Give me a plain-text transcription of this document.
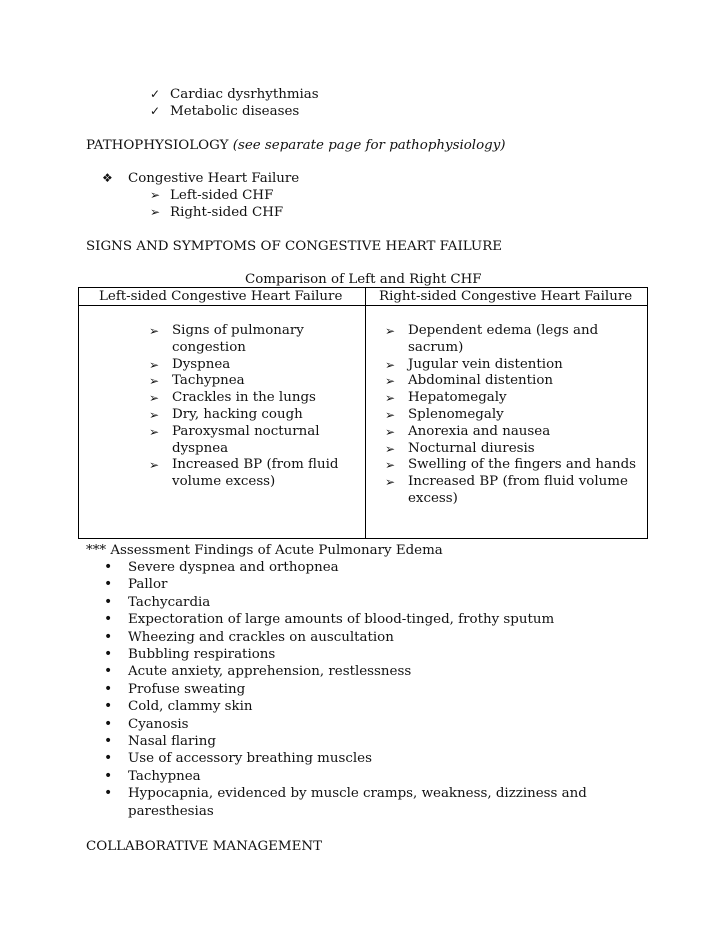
✓ Cardiac dysrhythmias
✓ Metabolic diseases
PATHOPHYSIOLOGY (see separate page for pathophysiology)
❖ Congestive Heart Failure
➢ Left-sided CHF
➢ Right-sided CHF
SIGNS AND SYMPTOMS OF CONGESTIVE HEART FAILURE
Comparison of Left and Right CHF
Left-sided Congestive Heart Failure	Right-sided Congestive Heart Failure
➢ Signs of pulmonary congestion
➢ Dyspnea
➢ Tachypnea
➢ Crackles in the lungs
➢ Dry, hacking cough
➢ Paroxysmal nocturnal dyspnea
➢ Increased BP (from fluid volume excess)
➢ Dependent edema (legs and sacrum)
➢ Jugular vein distention
➢ Abdominal distention
➢ Hepatomegaly
➢ Splenomegaly
➢ Anorexia and nausea
➢ Nocturnal diuresis
➢ Swelling of the fingers and hands
➢ Increased BP (from fluid volume excess)
*** Assessment Findings of Acute Pulmonary Edema
• Severe dyspnea and orthopnea
• Pallor
• Tachycardia
• Expectoration of large amounts of blood-tinged, frothy sputum
• Wheezing and crackles on auscultation
• Bubbling respirations
• Acute anxiety, apprehension, restlessness
• Profuse sweating
• Cold, clammy skin
• Cyanosis
• Nasal flaring
• Use of accessory breathing muscles
• Tachypnea
• Hypocapnia, evidenced by muscle cramps, weakness, dizziness and paresthesias
COLLABORATIVE MANAGEMENT
